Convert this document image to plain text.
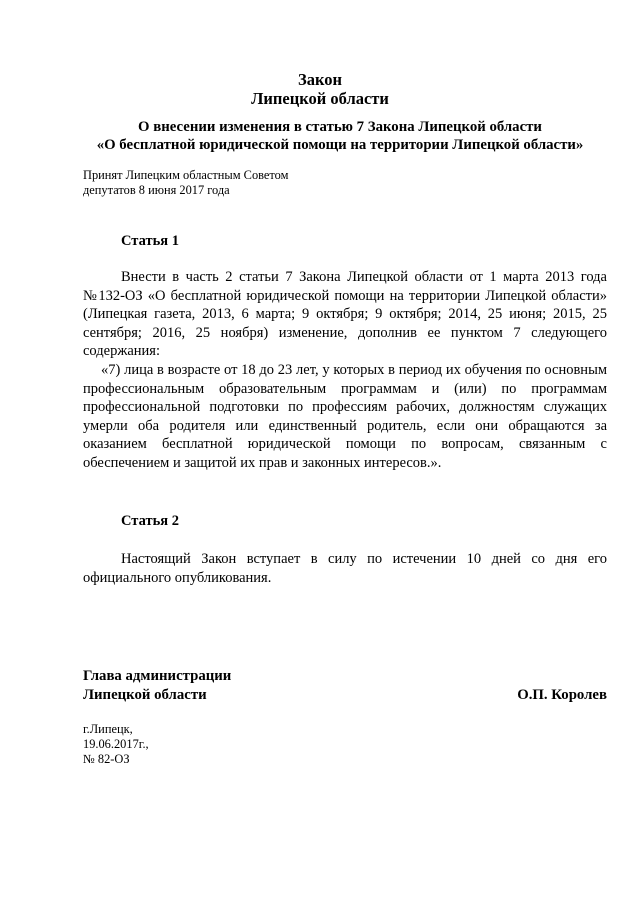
Закон
Липецкой области
О внесении изменения в статью 7 Закона Липецкой области
«О бесплатной юридической помощи на территории Липецкой области»
Принят Липецким областным Советом
депутатов 8 июня 2017 года
Статья 1

Внести в часть 2 статьи 7 Закона Липецкой области от 1 марта 2013 года №132-ОЗ «О бесплатной юридической помощи на территории Липецкой области» (Липецкая газета, 2013, 6 марта; 9 октября; 9 октября; 2014, 25 июня; 2015, 25 сентября; 2016, 25 ноября) изменение, дополнив ее пунктом 7 следующего содержания:

«7) лица в возрасте от 18 до 23 лет, у которых в период их обучения по основным профессиональным образовательным программам и (или) по программам профессиональной подготовки по профессиям рабочих, должностям служащих умерли оба родителя или единственный родитель, если они обращаются за оказанием бесплатной юридической помощи по вопросам, связанным с обеспечением и защитой их прав и законных интересов.».

Статья 2

Настоящий Закон вступает в силу по истечении 10 дней со дня его официального опубликования.

Глава администрации
Липецкой области	О.П. Королев
г.Липецк,
19.06.2017г.,
№ 82-ОЗ
